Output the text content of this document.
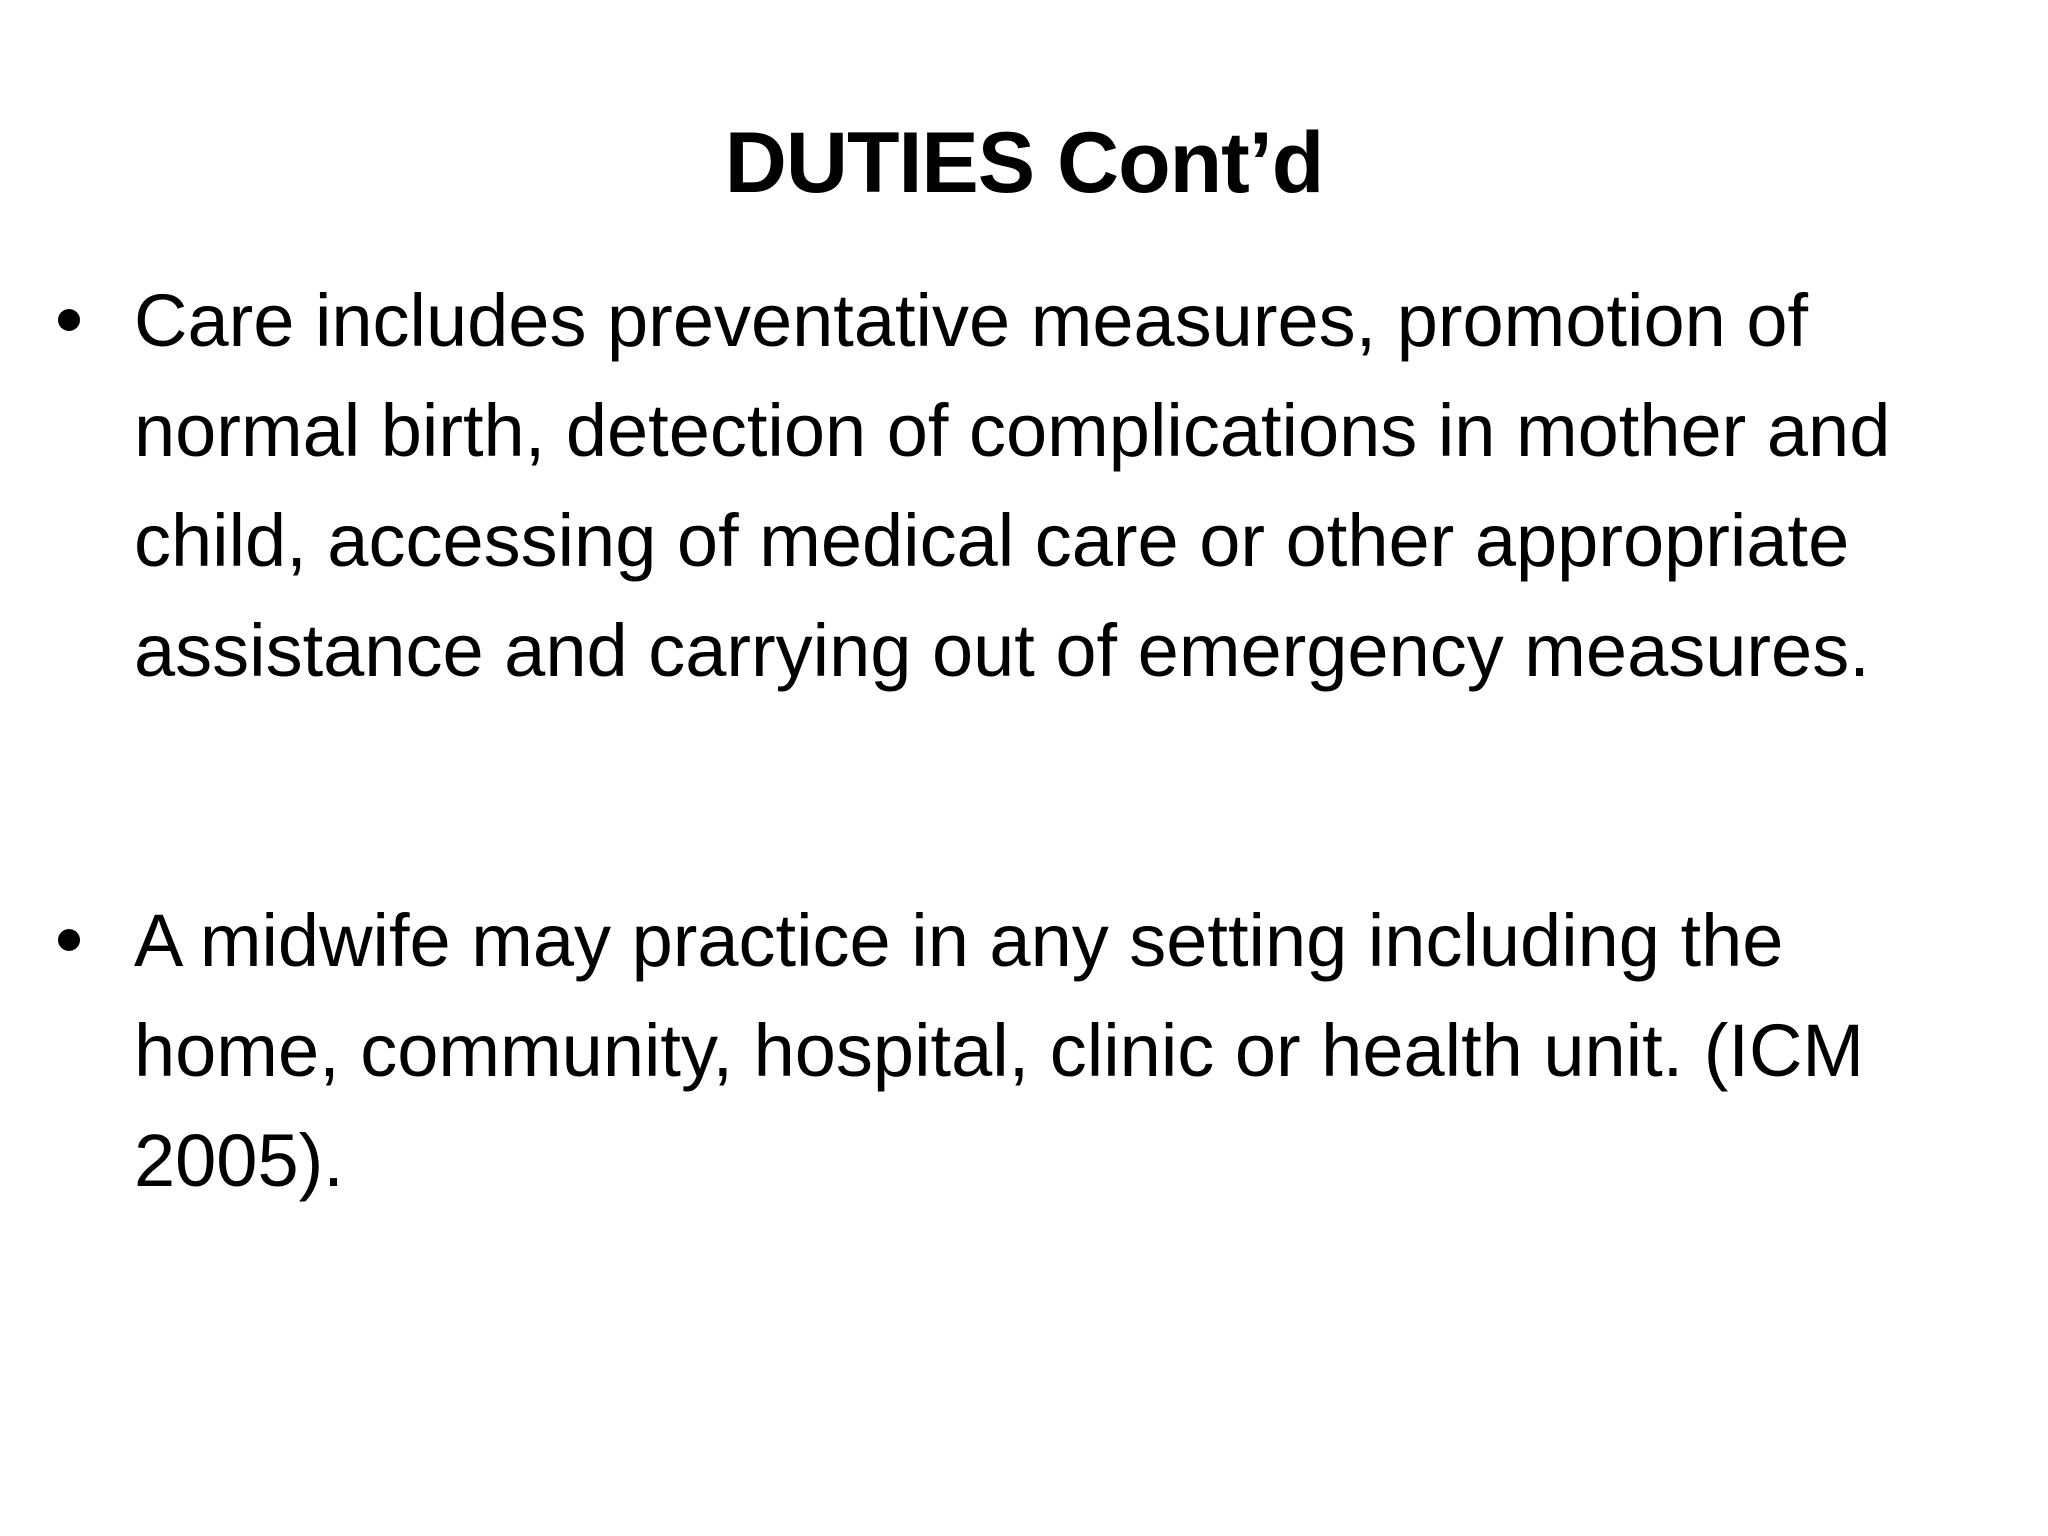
DUTIES Cont’d
Care includes preventative measures, promotion of normal birth, detection of complications in mother and child, accessing of medical care or other appropriate assistance and carrying out of emergency measures.
A midwife may practice in any setting including the home, community, hospital, clinic or health unit. (ICM 2005).
